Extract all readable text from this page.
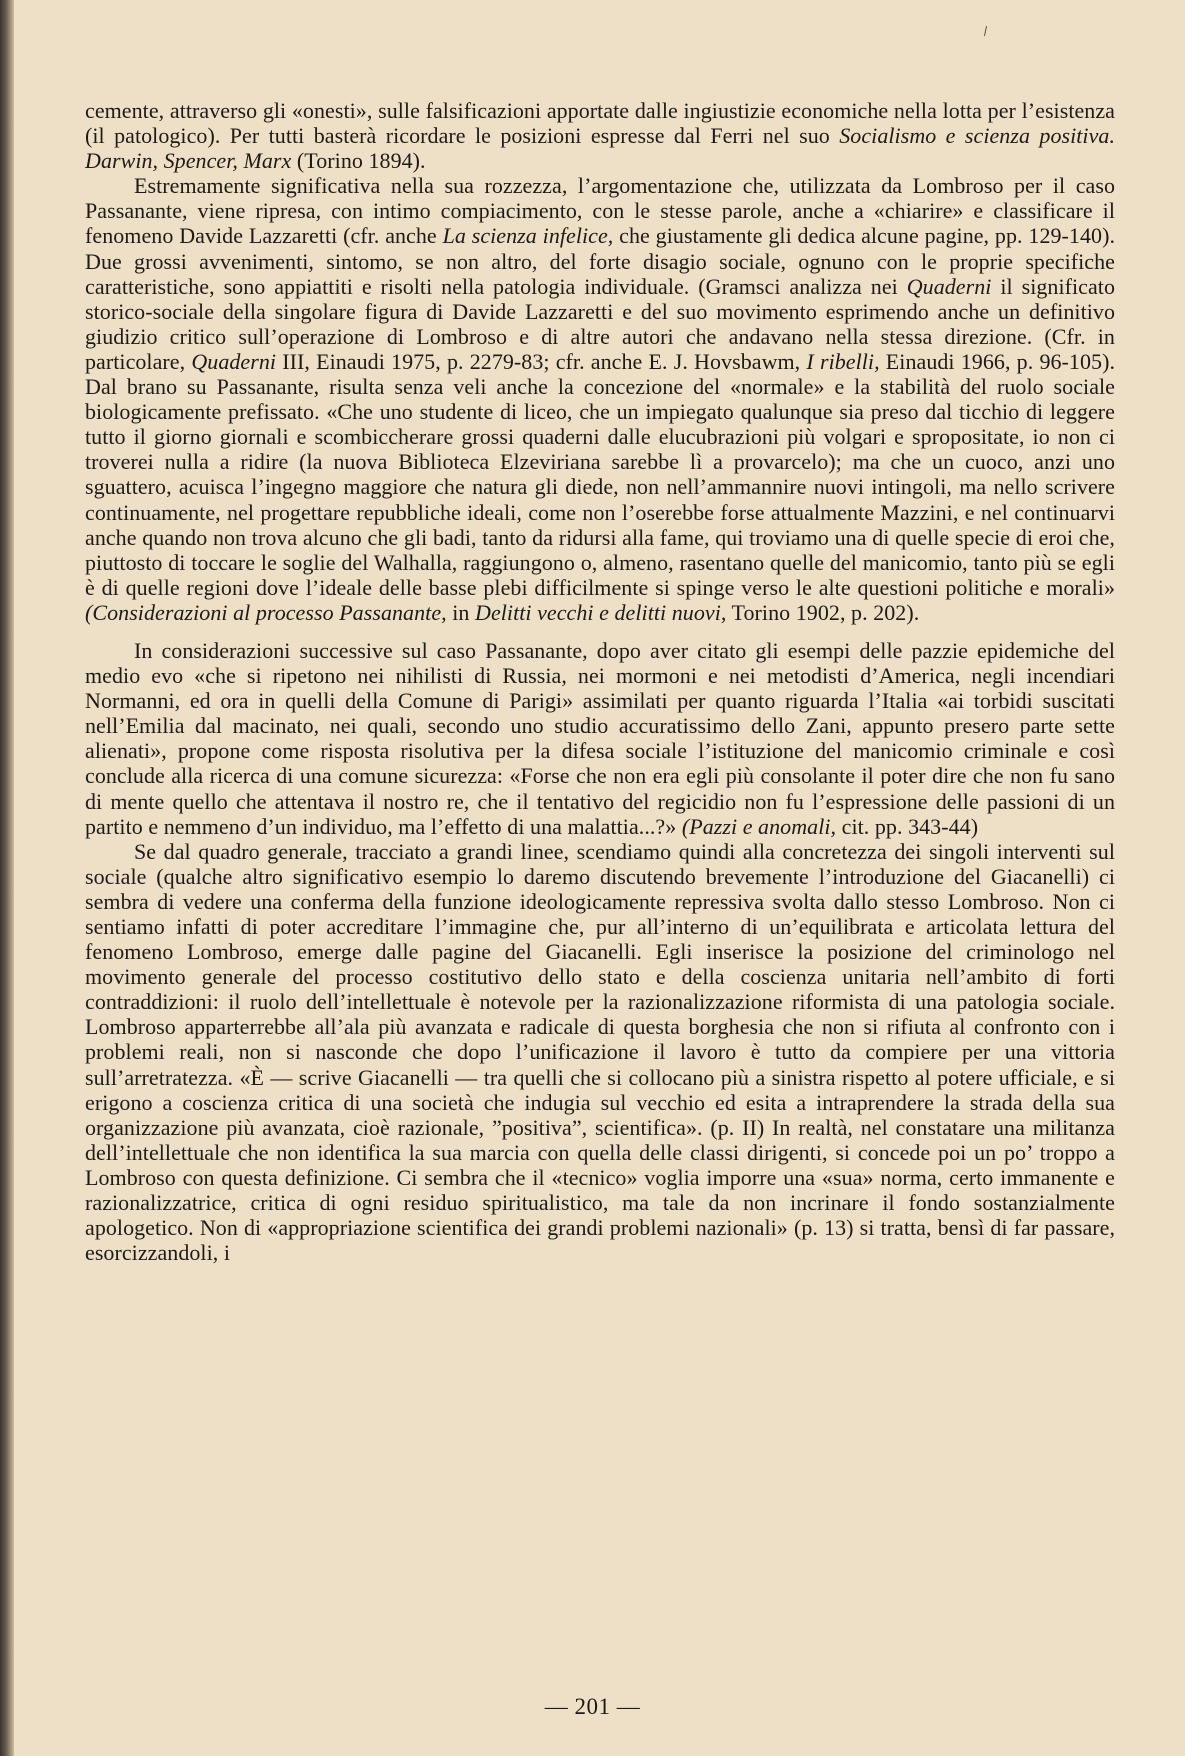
cemente, attraverso gli «onesti», sulle falsificazioni apportate dalle ingiustizie economiche nella lotta per l’esistenza (il patologico). Per tutti basterà ricordare le posizioni espresse dal Ferri nel suo Socialismo e scienza positiva. Darwin, Spencer, Marx (Torino 1894).

Estremamente significativa nella sua rozzezza, l’argomentazione che, utilizzata da Lombroso per il caso Passanante, viene ripresa, con intimo compiacimento, con le stesse parole, anche a «chiarire» e classificare il fenomeno Davide Lazzaretti (cfr. anche La scienza infelice, che giustamente gli dedica alcune pagine, pp. 129-140). Due grossi avvenimenti, sintomo, se non altro, del forte disagio sociale, ognuno con le proprie specifiche caratteristiche, sono appiattiti e risolti nella patologia individuale. (Gramsci analizza nei Quaderni il significato storico-sociale della singolare figura di Davide Lazzaretti e del suo movimento esprimendo anche un definitivo giudizio critico sull’operazione di Lombroso e di altre autori che andavano nella stessa direzione. (Cfr. in particolare, Quaderni III, Einaudi 1975, p. 2279-83; cfr. anche E. J. Hovsbawm, I ribelli, Einaudi 1966, p. 96-105). Dal brano su Passanante, risulta senza veli anche la concezione del «normale» e la stabilità del ruolo sociale biologicamente prefissato. «Che uno studente di liceo, che un impiegato qualunque sia preso dal ticchio di leggere tutto il giorno giornali e scombiccherare grossi quaderni dalle elucubrazioni più volgari e spropositate, io non ci troverei nulla a ridire (la nuova Biblioteca Elzeviriana sarebbe lì a provarcelo); ma che un cuoco, anzi uno sguattero, acuisca l’ingegno maggiore che natura gli diede, non nell’ammannire nuovi intingoli, ma nello scrivere continuamente, nel progettare repubbliche ideali, come non l’oserebbe forse attualmente Mazzini, e nel continuarvi anche quando non trova alcuno che gli badi, tanto da ridursi alla fame, qui troviamo una di quelle specie di eroi che, piuttosto di toccare le soglie del Walhalla, raggiungono o, almeno, rasentano quelle del manicomio, tanto più se egli è di quelle regioni dove l’ideale delle basse plebi difficilmente si spinge verso le alte questioni politiche e morali» (Considerazioni al processo Passanante, in Delitti vecchi e delitti nuovi, Torino 1902, p. 202).

In considerazioni successive sul caso Passanante, dopo aver citato gli esempi delle pazzie epidemiche del medio evo «che si ripetono nei nihilisti di Russia, nei mormoni e nei metodisti d’America, negli incendiari Normanni, ed ora in quelli della Comune di Parigi» assimilati per quanto riguarda l’Italia «ai torbidi suscitati nell’Emilia dal macinato, nei quali, secondo uno studio accuratissimo dello Zani, appunto presero parte sette alienati», propone come risposta risolutiva per la difesa sociale l’istituzione del manicomio criminale e così conclude alla ricerca di una comune sicurezza: «Forse che non era egli più consolante il poter dire che non fu sano di mente quello che attentava il nostro re, che il tentativo del regicidio non fu l’espressione delle passioni di un partito e nemmeno d’un individuo, ma l’effetto di una malattia...?» (Pazzi e anomali, cit. pp. 343-44)

Se dal quadro generale, tracciato a grandi linee, scendiamo quindi alla concretezza dei singoli interventi sul sociale (qualche altro significativo esempio lo daremo discutendo brevemente l’introduzione del Giacanelli) ci sembra di vedere una conferma della funzione ideologicamente repressiva svolta dallo stesso Lombroso. Non ci sentiamo infatti di poter accreditare l’immagine che, pur all’interno di un’equilibrata e articolata lettura del fenomeno Lombroso, emerge dalle pagine del Giacanelli. Egli inserisce la posizione del criminologo nel movimento generale del processo costitutivo dello stato e della coscienza unitaria nell’ambito di forti contraddizioni: il ruolo dell’intellettuale è notevole per la razionalizzazione riformista di una patologia sociale. Lombroso apparterrebbe all’ala più avanzata e radicale di questa borghesia che non si rifiuta al confronto con i problemi reali, non si nasconde che dopo l’unificazione il lavoro è tutto da compiere per una vittoria sull’arretratezza. «È — scrive Giacanelli — tra quelli che si collocano più a sinistra rispetto al potere ufficiale, e si erigono a coscienza critica di una società che indugia sul vecchio ed esita a intraprendere la strada della sua organizzazione più avanzata, cioè razionale, ”positiva”, scientifica». (p. II) In realtà, nel constatare una militanza dell’intellettuale che non identifica la sua marcia con quella delle classi dirigenti, si concede poi un po’ troppo a Lombroso con questa definizione. Ci sembra che il «tecnico» voglia imporre una «sua» norma, certo immanente e razionalizzatrice, critica di ogni residuo spiritualistico, ma tale da non incrinare il fondo sostanzialmente apologetico. Non di «appropriazione scientifica dei grandi problemi nazionali» (p. 13) si tratta, bensì di far passare, esorcizzandoli, i

— 201 —
